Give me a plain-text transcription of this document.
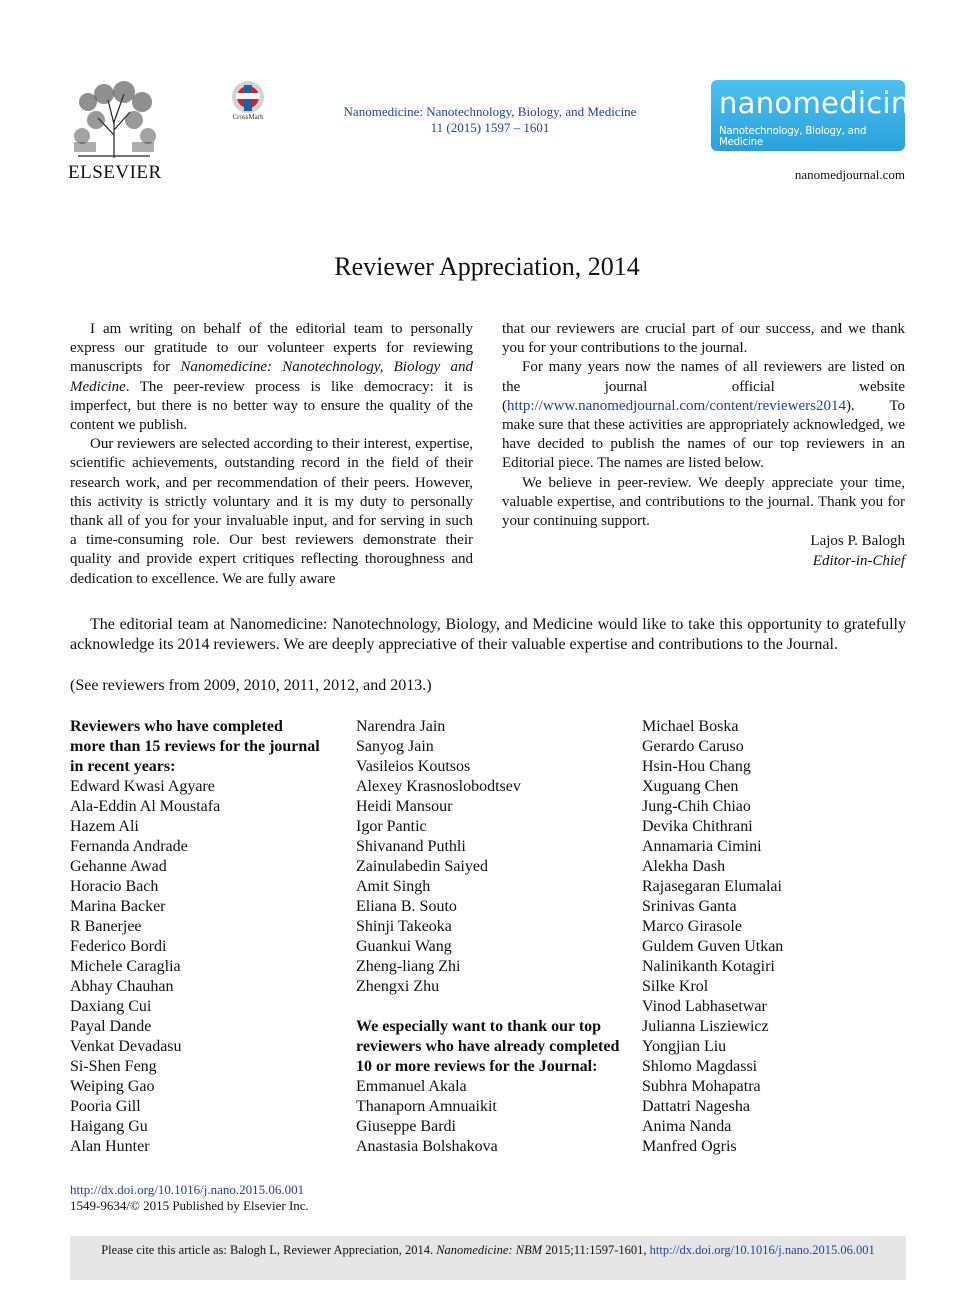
ELSEVIER
CrossMark	Nanomedicine: Nanotechnology, Biology, and Medicine
11 (2015) 1597 – 1601
nanomedicine
Nanotechnology, Biology, and Medicine
nanomedjournal.com
Reviewer Appreciation, 2014

I am writing on behalf of the editorial team to personally express our gratitude to our volunteer experts for reviewing manuscripts for Nanomedicine: Nanotechnology, Biology and Medicine. The peer-review process is like democracy: it is imperfect, but there is no better way to ensure the quality of the content we publish.

Our reviewers are selected according to their interest, expertise, scientific achievements, outstanding record in the field of their research work, and per recommendation of their peers. However, this activity is strictly voluntary and it is my duty to personally thank all of you for your invaluable input, and for serving in such a time-consuming role. Our best reviewers demonstrate their quality and provide expert critiques reflecting thoroughness and dedication to excellence. We are fully aware

that our reviewers are crucial part of our success, and we thank you for your contributions to the journal.

For many years now the names of all reviewers are listed on the journal official website (http://www.nanomedjournal.com/content/reviewers2014). To make sure that these activities are appropriately acknowledged, we have decided to publish the names of our top reviewers in an Editorial piece. The names are listed below.

We believe in peer-review. We deeply appreciate your time, valuable expertise, and contributions to the journal. Thank you for your continuing support.

Lajos P. Balogh
Editor-in-Chief
The editorial team at Nanomedicine: Nanotechnology, Biology, and Medicine would like to take this opportunity to gratefully acknowledge its 2014 reviewers. We are deeply appreciative of their valuable expertise and contributions to the Journal.
(See reviewers from 2009, 2010, 2011, 2012, and 2013.)
Reviewers who have completed more than 15 reviews for the journal in recent years:
Edward Kwasi Agyare
Ala-Eddin Al Moustafa
Hazem Ali
Fernanda Andrade
Gehanne Awad
Horacio Bach
Marina Backer
R Banerjee
Federico Bordi
Michele Caraglia
Abhay Chauhan
Daxiang Cui
Payal Dande
Venkat Devadasu
Si-Shen Feng
Weiping Gao
Pooria Gill
Haigang Gu
Alan Hunter
Narendra Jain
Sanyog Jain
Vasileios Koutsos
Alexey Krasnoslobodtsev
Heidi Mansour
Igor Pantic
Shivanand Puthli
Zainulabedin Saiyed
Amit Singh
Eliana B. Souto
Shinji Takeoka
Guankui Wang
Zheng-liang Zhi
Zhengxi Zhu
We especially want to thank our top reviewers who have already completed 10 or more reviews for the Journal:
Emmanuel Akala
Thanaporn Amnuaikit
Giuseppe Bardi
Anastasia Bolshakova
Michael Boska
Gerardo Caruso
Hsin-Hou Chang
Xuguang Chen
Jung-Chih Chiao
Devika Chithrani
Annamaria Cimini
Alekha Dash
Rajasegaran Elumalai
Srinivas Ganta
Marco Girasole
Guldem Guven Utkan
Nalinikanth Kotagiri
Silke Krol
Vinod Labhasetwar
Julianna Lisziewicz
Yongjian Liu
Shlomo Magdassi
Subhra Mohapatra
Dattatri Nagesha
Anima Nanda
Manfred Ogris
http://dx.doi.org/10.1016/j.nano.2015.06.001
1549-9634/© 2015 Published by Elsevier Inc.
Please cite this article as: Balogh L, Reviewer Appreciation, 2014. Nanomedicine: NBM 2015;11:1597-1601, http://dx.doi.org/10.1016/j.nano.2015.06.001
